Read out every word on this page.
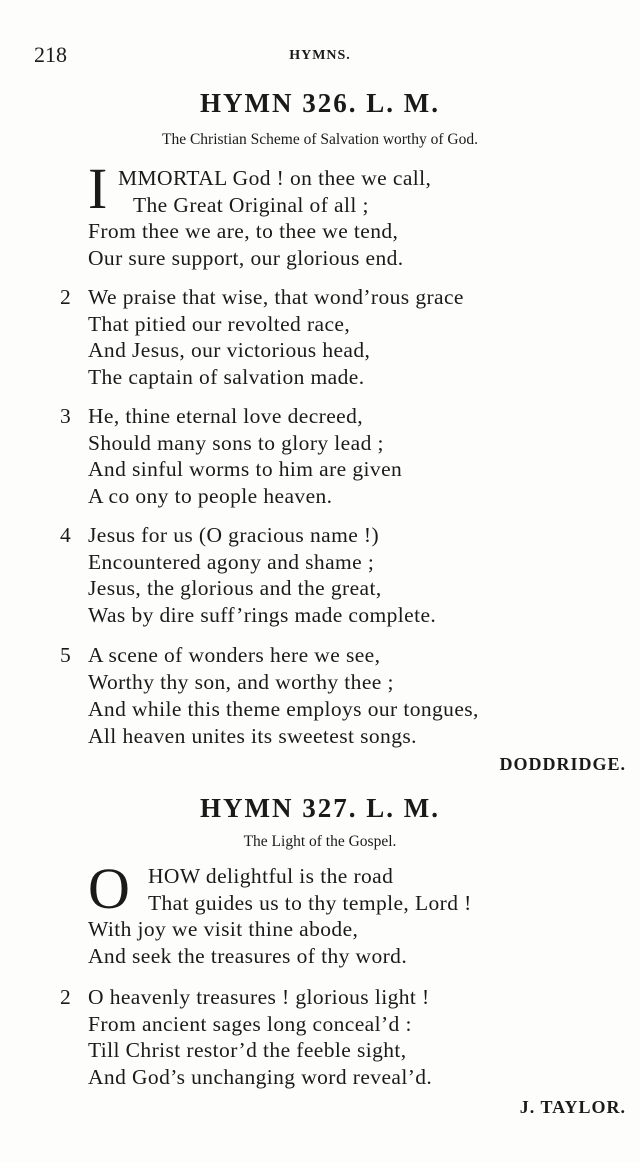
218	HYMNS.
HYMN 326. L. M.
The Christian Scheme of Salvation worthy of God.
I MMORTAL God ! on thee we call,
The Great Original of all ;
From thee we are, to thee we tend,
Our sure support, our glorious end.
2 We praise that wise, that wond’rous grace
That pitied our revolted race,
And Jesus, our victorious head,
The captain of salvation made.
3 He, thine eternal love decreed,
Should many sons to glory lead ;
And sinful worms to him are given
A co ony to people heaven.
4 Jesus for us (O gracious name !)
Encountered agony and shame ;
Jesus, the glorious and the great,
Was by dire suff’rings made complete.
5 A scene of wonders here we see,
Worthy thy son, and worthy thee ;
And while this theme employs our tongues,
All heaven unites its sweetest songs.
DODDRIDGE.
HYMN 327. L. M.
The Light of the Gospel.
O HOW delightful is the road
That guides us to thy temple, Lord !
With joy we visit thine abode,
And seek the treasures of thy word.
2 O heavenly treasures ! glorious light !
From ancient sages long conceal’d :
Till Christ restor’d the feeble sight,
And God’s unchanging word reveal’d.
J. TAYLOR.
